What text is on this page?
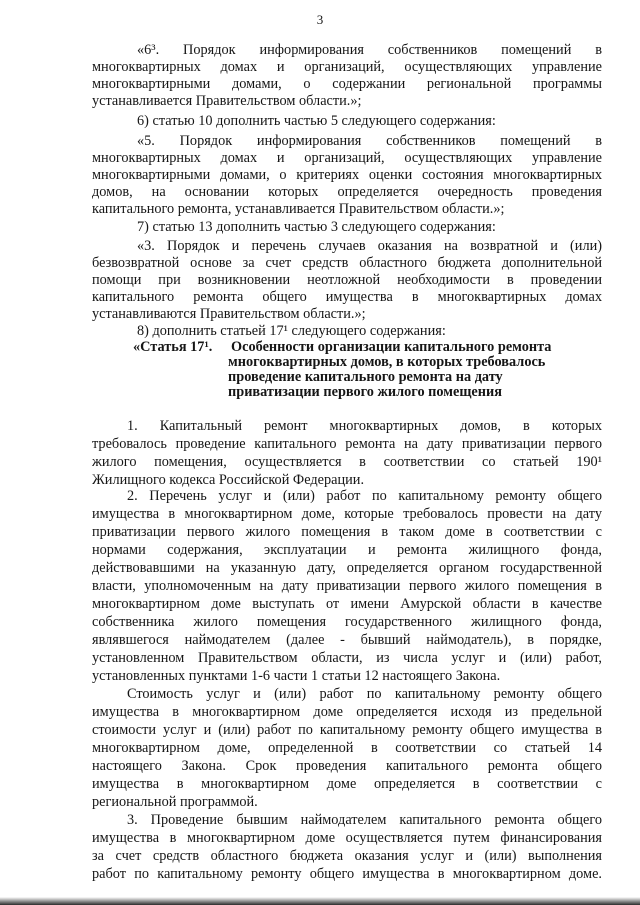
3
«6³. Порядок информирования собственников помещений в
многоквартирных домах и организаций, осуществляющих управление
многоквартирными домами, о содержании региональной программы
устанавливается Правительством области.»;
6) статью 10 дополнить частью 5 следующего содержания:
«5. Порядок информирования собственников помещений в
многоквартирных домах и организаций, осуществляющих управление
многоквартирными домами, о критериях оценки состояния многоквартирных
домов, на основании которых определяется очередность проведения
капитального ремонта, устанавливается Правительством области.»;
7) статью 13 дополнить частью 3 следующего содержания:
«3. Порядок и перечень случаев оказания на возвратной и (или)
безвозвратной основе за счет средств областного бюджета дополнительной
помощи при возникновении неотложной необходимости в проведении
капитального ремонта общего имущества в многоквартирных домах
устанавливаются Правительством области.»;
8) дополнить статьей 17¹ следующего содержания:
«Статья 17¹. Особенности организации капитального ремонта
многоквартирных домов, в которых требовалось
проведение капитального ремонта на дату
приватизации первого жилого помещения
1. Капитальный ремонт многоквартирных домов, в которых
требовалось проведение капитального ремонта на дату приватизации первого
жилого помещения, осуществляется в соответствии со статьей 190¹
Жилищного кодекса Российской Федерации.
2. Перечень услуг и (или) работ по капитальному ремонту общего
имущества в многоквартирном доме, которые требовалось провести на дату
приватизации первого жилого помещения в таком доме в соответствии с
нормами содержания, эксплуатации и ремонта жилищного фонда,
действовавшими на указанную дату, определяется органом государственной
власти, уполномоченным на дату приватизации первого жилого помещения в
многоквартирном доме выступать от имени Амурской области в качестве
собственника жилого помещения государственного жилищного фонда,
являвшегося наймодателем (далее - бывший наймодатель), в порядке,
установленном Правительством области, из числа услуг и (или) работ,
установленных пунктами 1-6 части 1 статьи 12 настоящего Закона.
Стоимость услуг и (или) работ по капитальному ремонту общего
имущества в многоквартирном доме определяется исходя из предельной
стоимости услуг и (или) работ по капитальному ремонту общего имущества в
многоквартирном доме, определенной в соответствии со статьей 14
настоящего Закона. Срок проведения капитального ремонта общего
имущества в многоквартирном доме определяется в соответствии с
региональной программой.
3. Проведение бывшим наймодателем капитального ремонта общего
имущества в многоквартирном доме осуществляется путем финансирования
за счет средств областного бюджета оказания услуг и (или) выполнения
работ по капитальному ремонту общего имущества в многоквартирном доме.
